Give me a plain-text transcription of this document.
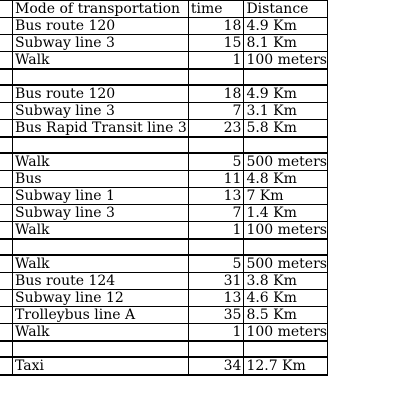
	Mode of transportation	time	Distance
	Bus route 120	18	4.9 Km
	Subway line 3	15	8.1 Km
	Walk	1	100 meters

	Bus route 120	18	4.9 Km
	Subway line 3	7	3.1 Km
	Bus Rapid Transit line 3	23	5.8 Km

	Walk	5	500 meters
	Bus	11	4.8 Km
	Subway line 1	13	7 Km
	Subway line 3	7	1.4 Km
	Walk	1	100 meters

	Walk	5	500 meters
	Bus route 124	31	3.8 Km
	Subway line 12	13	4.6 Km
	Trolleybus line A	35	8.5 Km
	Walk	1	100 meters

	Taxi	34	12.7 Km
